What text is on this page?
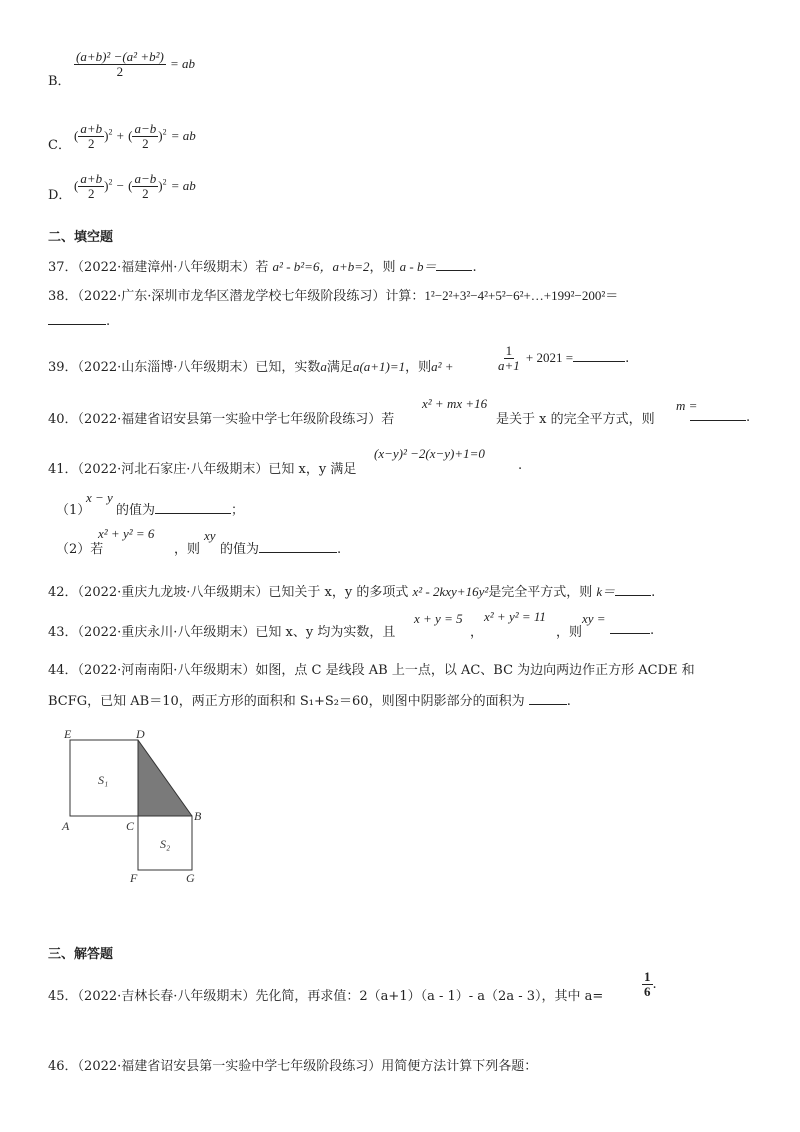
B．
$\frac{\text{(a+b)² −(a² +b²)}}{2}$ = ab
C．
( $\frac{a+b}{2} )^2$ + ( $\frac{a-b}{2} )^2$ = ab
D．
( $\frac{a+b}{2} )^2$ − ( $\frac{a-b}{2} )^2$ = ab
二、填空题
37．（2022·福建漳州·八年级期末）若 a² - b²=6，a+b=2，则 a - b＝	.
38．（2022·广东·深圳市龙华区潜龙学校七年级阶段练习）计算：1²−2²+3²−4²+5²−6²+…+199²−200²＝
.
39．（2022·山东淄博·八年级期末）已知，实数a满足a(a+1)=1，则a² +	$\frac{1}{a+1} + 2021$ =	.
40．（2022·福建省诏安县第一实验中学七年级阶段练习）若
x² + mx +16
是关于 x 的完全平方式，则
m =
.
41．（2022·河北石家庄·八年级期末）已知 x，y 满足
(x−y)² −2(x−y)+1=0
.
（1）
x − y
的值为	；
（2）若
x² + y² = 6
，则
xy
的值为	.
42．（2022·重庆九龙坡·八年级期末）已知关于 x，y 的多项式 x² - 2kxy+16y²是完全平方式，则 k＝	.
43．（2022·重庆永川·八年级期末）已知 x、y 均为实数，且
x + y = 5
，
x² + y² = 11
，则
xy =
.
44．（2022·河南南阳·八年级期末）如图，点 C 是线段 AB 上一点，以 AC、BC 为边向两边作正方形 ACDE 和
BCFG，已知 AB＝10，两正方形的面积和 S₁+S₂＝60，则图中阴影部分的面积为	.
E	D
A	C
B
F	G
S₁
S₂
三、解答题
45．（2022·吉林长春·八年级期末）先化简，再求值：2（a+1）（a - 1）- a（2a - 3），其中 a=	$\frac{1}{6}$ .
46．（2022·福建省诏安县第一实验中学七年级阶段练习）用简便方法计算下列各题：
